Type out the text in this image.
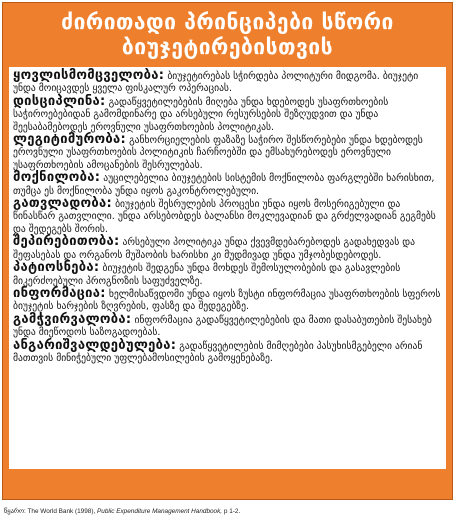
ძირითადი პრინციპები სწორი
ბიუჯეტირებისთვის

ყოვლისმომცველობა: ბიუჯეტირებას სჭირდება პოლიტური მიდგომა. ბიუჯეტი უნდა მოიცავდეს ყველა ფისკალურ ოპერაციას.

დისციპლინა: გადაწყვეტილებების მიღება უნდა ხდებოდეს უსაფრთხოების საჭიროებებიდან გამომდინარე და არსებული რესურსების შეზღუდვით და უნდა შეესაბამებოდეს ეროვნული უსაფრთხოების პოლიტიკას.

ლეგიტიმურობა: განხორციელების ფაზაზე საჭირო შესწორებები უნდა ხდებოდეს ეროვნული უსაფრთხოების პოლიტიკის ჩარჩოებში და ემსახურებოდეს ეროვნული უსაფრთხოების ამოცანების შესრულებას.

მოქნილობა: აუცილებელია ბიუჯეტების სისტემის მოქნილობა ფარგლებში ხარისხით, თუმცა ეს მოქნილობა უნდა იყოს გაკონტროლებული.

გათვლადობა: ბიუჯეტის შესრულების პროცესი უნდა იყოს მოსერიგებული და წინასწარ გათვლილი. უნდა არსებობდეს ბალანსი მოკლევადიან და გრძელვადიან გეგმებს და შედეგებს შორის.

შეპირებითობა: არსებული პოლიტიკა უნდა ქვევმდებარებოდეს გადახედვას და შეფასებას და ორგანოს მუშაობის ხარისხი კი მუდმივად უნდა უმჯობესდებოდეს.

პატიოსნება: ბიუჯეტის შედგენა უნდა მოხდეს შემოსულობების და გასავლების მიკერძოებული პროგნოზის საფუძველზე.

ინფორმაცია: ხელმისაწვდომი უნდა იყოს ზუსტი ინფორმაცია უსაფრთხოების სფეროს ბიუჯეტის ხარჯების ზღვრების, ფასზე და შედეგებზე.

გამჭვირვალობა: ინფორმაცია გადაწყვეტილებების და მათი დასაბუთების შესახებ უნდა მიეწოდოს საზოგადოებას.

ანგარიშვალდებულება: გადაწყვეტილების მიმღებები პასუხისმგებელი არიან მათთვის მინიჭებული უფლებამოსილების გამოყენებაზე.

წყარო: The World Bank (1998), Public Expenditure Management Handbook, p 1-2.
